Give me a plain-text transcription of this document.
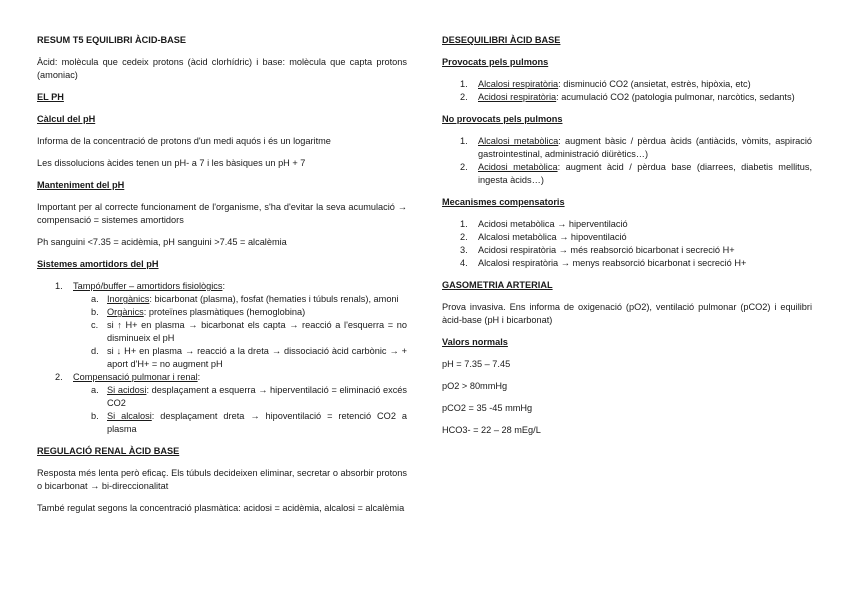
RESUM T5 EQUILIBRI ÀCID-BASE

Àcid: molècula que cedeix protons (àcid clorhídric) i base: molècula que capta protons (amoniac)

EL PH

Càlcul del pH

Informa de la concentració de protons d'un medi aquós i és un logaritme

Les dissolucions àcides tenen un pH- a 7 i les bàsiques un pH + 7

Manteniment del pH

Important per al correcte funcionament de l'organisme, s'ha d'evitar la seva acumulació → compensació = sistemes amortidors

Ph sanguini <7.35 = acidèmia, pH sanguini >7.45 = alcalèmia

Sistemes amortidors del pH

1. Tampó/buffer – amortidors fisiològics:
a. Inorgànics: bicarbonat (plasma), fosfat (hematies i túbuls renals), amoni
b. Orgànics: proteïnes plasmàtiques (hemoglobina)
c. si ↑ H+ en plasma → bicarbonat els capta → reacció a l'esquerra = no disminueix el pH
d. si ↓ H+ en plasma → reacció a la dreta → dissociació àcid carbònic → + aport d'H+ = no augment pH
2. Compensació pulmonar i renal:
a. Si acidosi: desplaçament a esquerra → hiperventilació = eliminació excés CO2
b. Si alcalosi: desplaçament dreta → hipoventilació = retenció CO2 a plasma

REGULACIÓ RENAL ÀCID BASE

Resposta més lenta però eficaç. Els túbuls decideixen eliminar, secretar o absorbir protons o bicarbonat → bi-direccionalitat

També regulat segons la concentració plasmàtica: acidosi = acidèmia, alcalosi = alcalèmia

DESEQUILIBRI ÀCID BASE

Provocats pels pulmons

1. Alcalosi respiratòria: disminució CO2 (ansietat, estrès, hipòxia, etc)
2. Acidosi respiratòria: acumulació CO2 (patologia pulmonar, narcòtics, sedants)

No provocats pels pulmons

1. Alcalosi metabòlica: augment bàsic / pèrdua àcids (antiàcids, vòmits, aspiració gastrointestinal, administració diürètics…)
2. Acidosi metabòlica: augment àcid / pèrdua base (diarrees, diabetis mellitus, ingesta àcids…)

Mecanismes compensatoris

1. Acidosi metabòlica → hiperventilació
2. Alcalosi metabòlica → hipoventilació
3. Acidosi respiratòria → més reabsorció bicarbonat i secreció H+
4. Alcalosi respiratòria → menys reabsorció bicarbonat i secreció H+

GASOMETRIA ARTERIAL

Prova invasiva. Ens informa de oxigenació (pO2), ventilació pulmonar (pCO2) i equilibri àcid-base (pH i bicarbonat)

Valors normals

pH = 7.35 – 7.45

pO2 > 80mmHg

pCO2 = 35 -45 mmHg

HCO3- = 22 – 28 mEg/L
